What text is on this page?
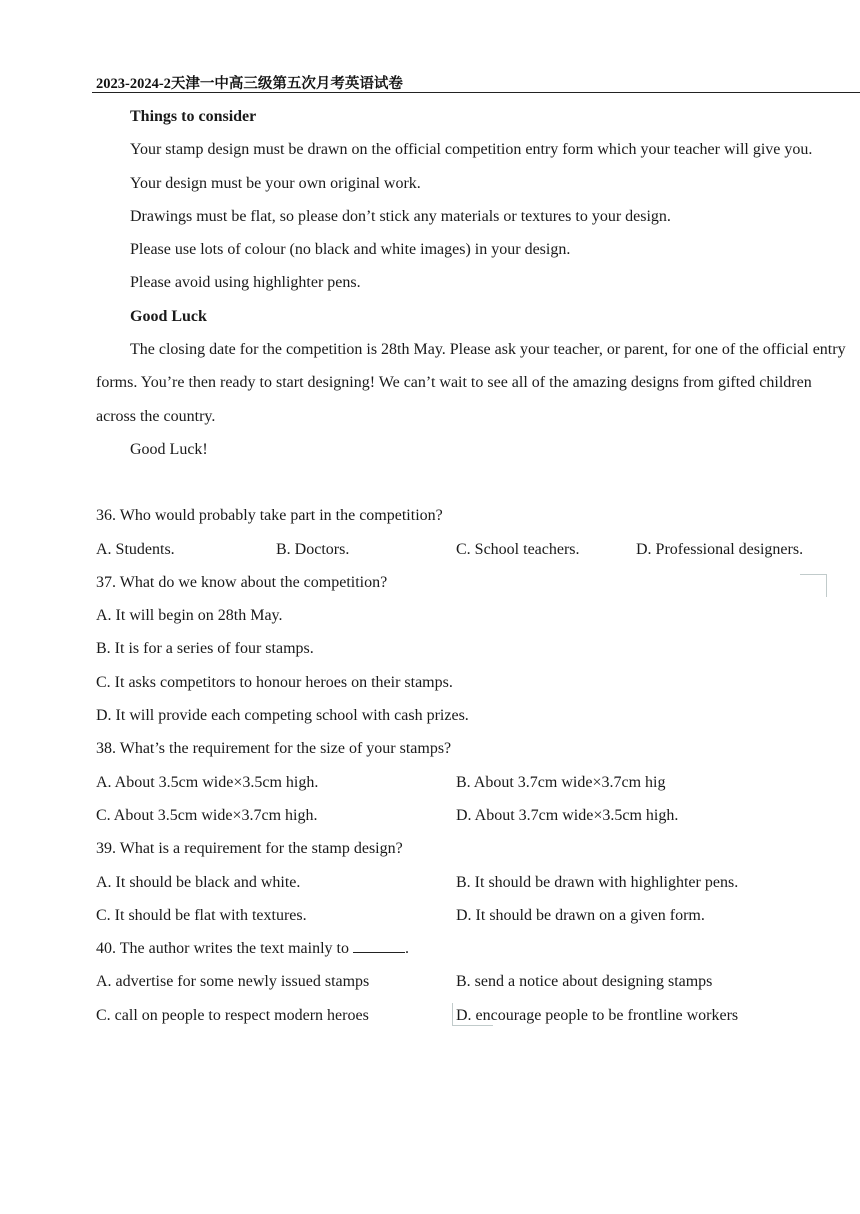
2023-2024-2天津一中高三级第五次月考英语试卷

Things to consider

Your stamp design must be drawn on the official competition entry form which your teacher will give you.

Your design must be your own original work.

Drawings must be flat, so please don’t stick any materials or textures to your design.

Please use lots of colour (no black and white images) in your design.

Please avoid using highlighter pens.

Good Luck

The closing date for the competition is 28th May. Please ask your teacher, or parent, for one of the official entry forms. You’re then ready to start designing! We can’t wait to see all of the amazing designs from gifted children across the country.

Good Luck!

36. Who would probably take part in the competition?

A. Students.	B. Doctors.	C. School teachers.	D. Professional designers.

37. What do we know about the competition?

A. It will begin on 28th May.

B. It is for a series of four stamps.

C. It asks competitors to honour heroes on their stamps.

D. It will provide each competing school with cash prizes.

38. What’s the requirement for the size of your stamps?

A. About 3.5cm wide×3.5cm high.	B. About 3.7cm wide×3.7cm hig
C. About 3.5cm wide×3.7cm high.	D. About 3.7cm wide×3.5cm high.

39. What is a requirement for the stamp design?

A. It should be black and white.	B. It should be drawn with highlighter pens.
C. It should be flat with textures.	D. It should be drawn on a given form.

40. The author writes the text mainly to	.

A. advertise for some newly issued stamps	B. send a notice about designing stamps
C. call on people to respect modern heroes	D. encourage people to be frontline workers
